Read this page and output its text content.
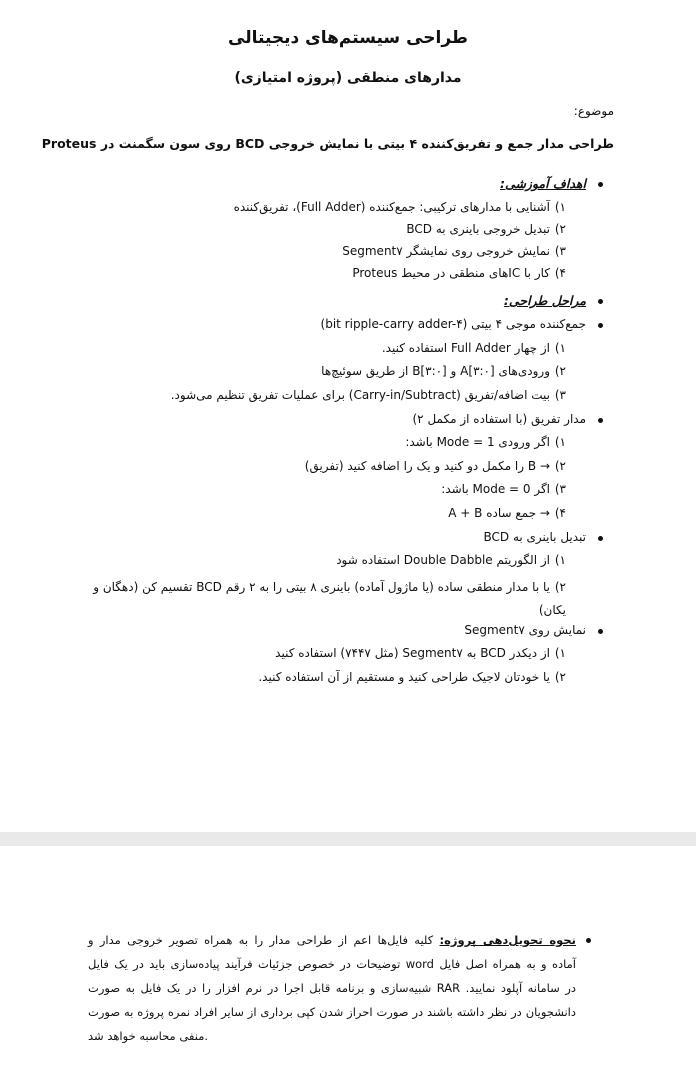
طراحی سیستم‌های دیجیتالی
مدارهای منطقی (پروژه امتیازی)
موضوع:
طراحی مدار جمع و تفریق‌کننده ۴ بیتی با نمایش خروجی BCD روی سون سگمنت در Proteus
اهداف آموزشی:
۱)آشنایی با مدارهای ترکیبی: جمع‌کننده (Full Adder)، تفریق‌کننده
۲)تبدیل خروجی باینری به BCD
۳)نمایش خروجی روی نمایشگر Segment۷
۴)کار با ICهای منطقی در محیط Proteus
مراحل طراحی:
جمع‌کننده موجی ۴ بیتی (bit ripple-carry adder-۴)
۱)از چهار Full Adder استفاده کنید.
۲)ورودی‌های A[۳:۰] و B[۳:۰] از طریق سوئیچ‌ها
۳)بیت اضافه/تفریق (Carry-in/Subtract) برای عملیات تفریق تنظیم می‌شود.
مدار تفریق (با استفاده از مکمل ۲)
۱)اگر ورودی Mode = 1 باشد:
۲)→ B را مکمل دو کنید و یک را اضافه کنید (تفریق)
۳)اگر Mode = 0 باشد:
۴)→ جمع ساده A + B
تبدیل باینری به BCD
۱)از الگوریتم Double Dabble استفاده شود
۲)یا با مدار منطقی ساده (یا ماژول آماده) باینری ۸ بیتی را به ۲ رقم BCD تقسیم کن (دهگان و یکان)
نمایش روی Segment۷
۱)از دیکدر BCD به Segment۷ (مثل ۷۴۴۷) استفاده کنید
۲)یا خودتان لاجیک طراحی کنید و مستقیم از آن استفاده کنید.
نحوه تحویل‌دهی پروژه: کلیه فایل‌ها اعم از طراحی مدار را به همراه تصویر خروجی مدار و توضیحات در خصوص جزئیات فرآیند پیاده‌سازی باید در یک فایل word آماده و به همراه اصل فایل شبیه‌سازی و برنامه قابل اجرا در نرم افزار را در یک فایل به صورت RAR در سامانه آپلود نمایید. دانشجویان در نظر داشته باشند در صورت احراز شدن کپی برداری از سایر افراد نمره پروژه به صورت منفی محاسبه خواهد شد.
